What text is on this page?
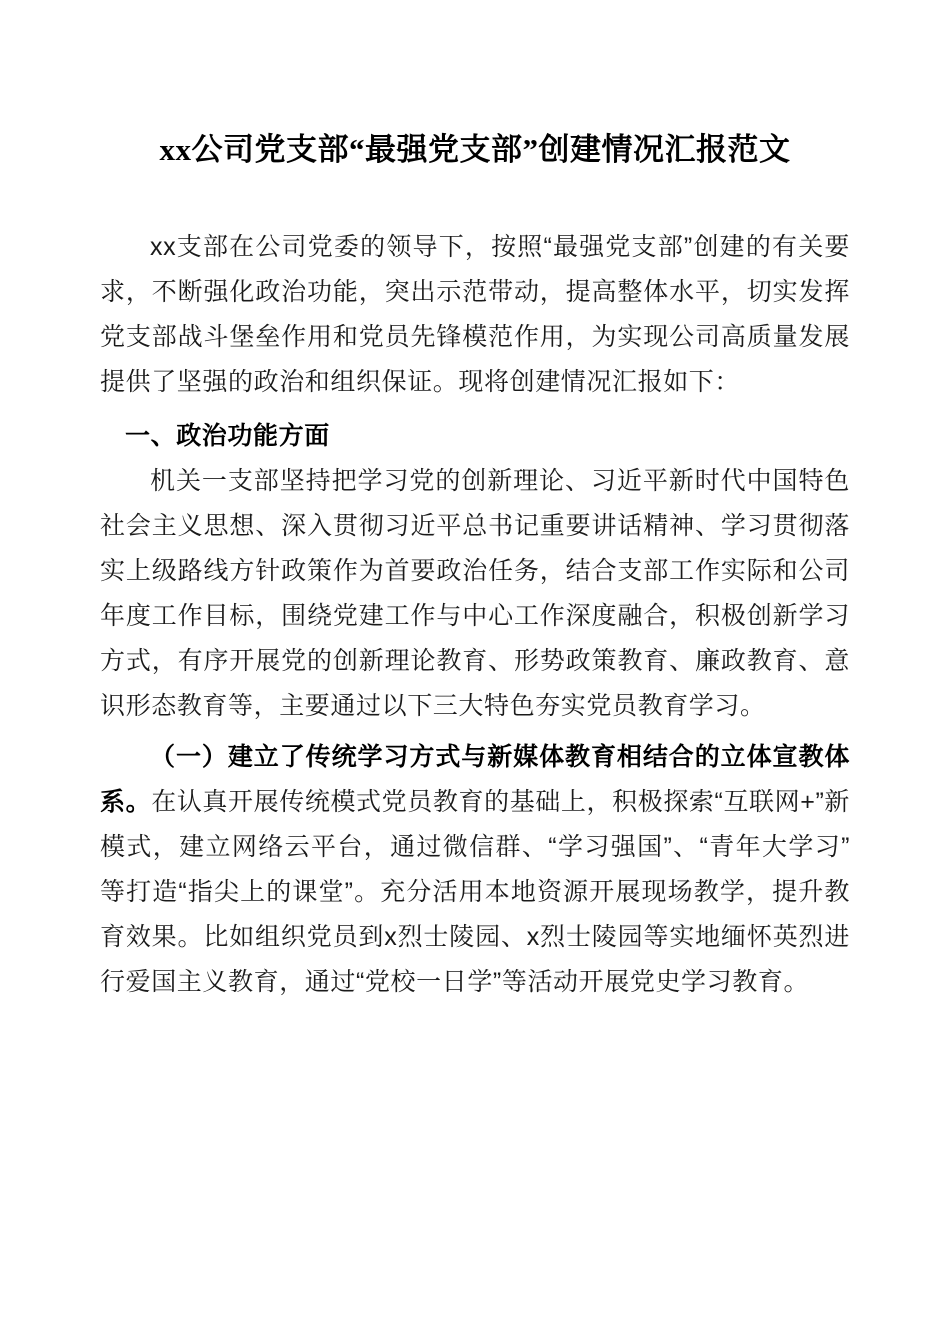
xx公司党支部“最强党支部”创建情况汇报范文

xx支部在公司党委的领导下，按照“最强党支部”创建的有关要求，不断强化政治功能，突出示范带动，提高整体水平，切实发挥党支部战斗堡垒作用和党员先锋模范作用，为实现公司高质量发展提供了坚强的政治和组织保证。现将创建情况汇报如下：

一、政治功能方面

机关一支部坚持把学习党的创新理论、习近平新时代中国特色社会主义思想、深入贯彻习近平总书记重要讲话精神、学习贯彻落实上级路线方针政策作为首要政治任务，结合支部工作实际和公司年度工作目标，围绕党建工作与中心工作深度融合，积极创新学习方式，有序开展党的创新理论教育、形势政策教育、廉政教育、意识形态教育等，主要通过以下三大特色夯实党员教育学习。

（一）建立了传统学习方式与新媒体教育相结合的立体宣教体系。在认真开展传统模式党员教育的基础上，积极探索“互联网+”新模式，建立网络云平台，通过微信群、“学习强国”、“青年大学习”等打造“指尖上的课堂”。充分活用本地资源开展现场教学，提升教育效果。比如组织党员到x烈士陵园、x烈士陵园等实地缅怀英烈进行爱国主义教育，通过“党校一日学”等活动开展党史学习教育。
